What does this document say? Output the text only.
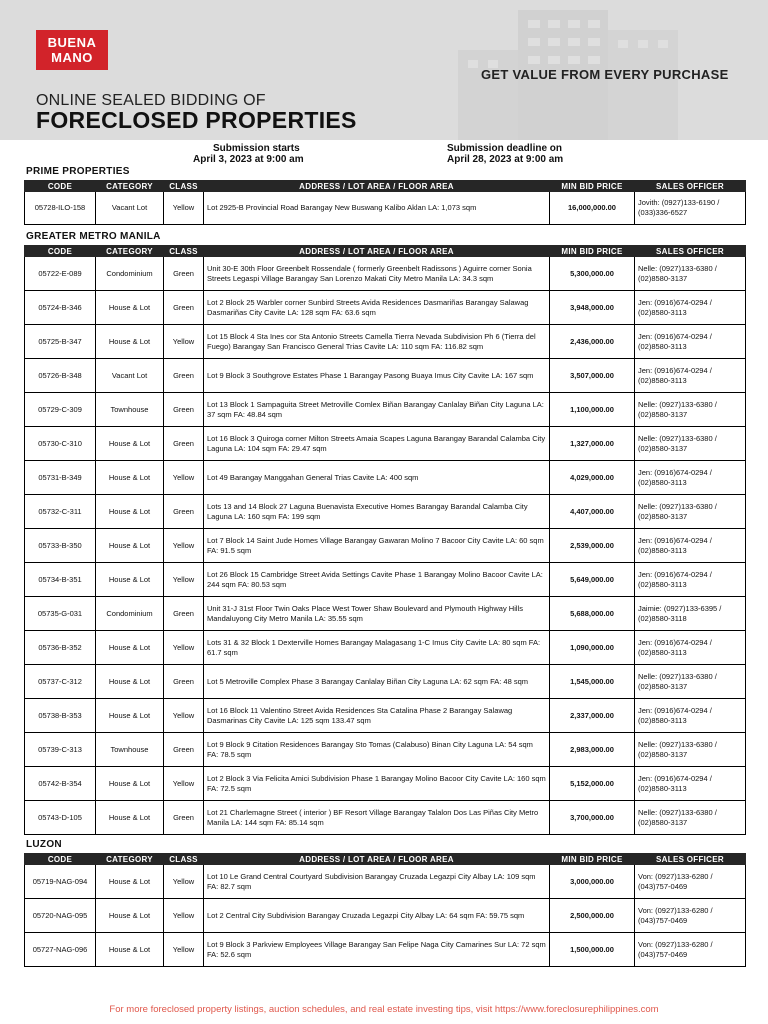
BUENA
MANO
GET VALUE FROM EVERY PURCHASE
ONLINE SEALED BIDDING OF
FORECLOSED PROPERTIES
Submission starts
April 3, 2023 at 9:00 am
Submission deadline on
April 28, 2023 at 9:00 am
PRIME PROPERTIES
CODE	CATEGORY	CLASS	ADDRESS / LOT AREA / FLOOR AREA	MIN BID PRICE	SALES OFFICER
05728-ILO-158	Vacant Lot	Yellow	Lot 2925-B Provincial Road Barangay New Buswang Kalibo Aklan LA: 1,073 sqm	16,000,000.00	Jovith: (0927)133-6190 / (033)336-6527
GREATER METRO MANILA
CODE	CATEGORY	CLASS	ADDRESS / LOT AREA / FLOOR AREA	MIN BID PRICE	SALES OFFICER
05722-E-089	Condominium	Green	Unit 30-E 30th Floor Greenbelt Rossendale ( formerly Greenbelt Radissons ) Aguirre corner Sonia Streets Legaspi Village Barangay San Lorenzo Makati City Metro Manila LA: 34.3 sqm	5,300,000.00	Nelle: (0927)133-6380 / (02)8580-3137
05724-B-346	House & Lot	Green	Lot 2 Block 25 Warbler corner Sunbird Streets Avida Residences Dasmariñas Barangay Salawag Dasmariñas City Cavite LA: 128 sqm FA: 63.6 sqm	3,948,000.00	Jen: (0916)674-0294 / (02)8580-3113
05725-B-347	House & Lot	Yellow	Lot 15 Block 4 Sta Ines cor Sta Antonio Streets Camella Tierra Nevada Subdivision Ph 6 (Tierra del Fuego) Barangay San Francisco General Trias Cavite LA: 110 sqm FA: 116.82 sqm	2,436,000.00	Jen: (0916)674-0294 / (02)8580-3113
05726-B-348	Vacant Lot	Green	Lot 9 Block 3 Southgrove Estates Phase 1 Barangay Pasong Buaya Imus City Cavite LA: 167 sqm	3,507,000.00	Jen: (0916)674-0294 / (02)8580-3113
05729-C-309	Townhouse	Green	Lot 13 Block 1 Sampaguita Street Metroville Comlex Biñan Barangay Canlalay Biñan City Laguna LA: 37 sqm FA: 48.84 sqm	1,100,000.00	Nelle: (0927)133-6380 / (02)8580-3137
05730-C-310	House & Lot	Green	Lot 16 Block 3 Quiroga corner Milton Streets Amaia Scapes Laguna Barangay Barandal Calamba City Laguna LA: 104 sqm FA: 29.47 sqm	1,327,000.00	Nelle: (0927)133-6380 / (02)8580-3137
05731-B-349	House & Lot	Yellow	Lot 49 Barangay Manggahan General Trias Cavite LA: 400 sqm	4,029,000.00	Jen: (0916)674-0294 / (02)8580-3113
05732-C-311	House & Lot	Green	Lots 13 and 14 Block 27 Laguna Buenavista Executive Homes Barangay Barandal Calamba City Laguna LA: 160 sqm FA: 199 sqm	4,407,000.00	Nelle: (0927)133-6380 / (02)8580-3137
05733-B-350	House & Lot	Yellow	Lot 7 Block 14 Saint Jude Homes Village Barangay Gawaran Molino 7 Bacoor City Cavite LA: 60 sqm FA: 91.5 sqm	2,539,000.00	Jen: (0916)674-0294 / (02)8580-3113
05734-B-351	House & Lot	Yellow	Lot 26 Block 15 Cambridge Street Avida Settings Cavite Phase 1 Barangay Molino Bacoor Cavite LA: 244 sqm FA: 80.53 sqm	5,649,000.00	Jen: (0916)674-0294 / (02)8580-3113
05735-G-031	Condominium	Green	Unit 31-J 31st Floor Twin Oaks Place West Tower Shaw Boulevard and Plymouth Highway Hills Mandaluyong City Metro Manila LA: 35.55 sqm	5,688,000.00	Jaimie: (0927)133-6395 / (02)8580-3118
05736-B-352	House & Lot	Yellow	Lots 31 & 32 Block 1 Dexterville Homes Barangay Malagasang 1-C Imus City Cavite LA: 80 sqm FA: 61.7 sqm	1,090,000.00	Jen: (0916)674-0294 / (02)8580-3113
05737-C-312	House & Lot	Green	Lot 5 Metroville Complex Phase 3 Barangay Canlalay Biñan City Laguna LA: 62 sqm FA: 48 sqm	1,545,000.00	Nelle: (0927)133-6380 / (02)8580-3137
05738-B-353	House & Lot	Yellow	Lot 16 Block 11 Valentino Street Avida Residences Sta Catalina Phase 2 Barangay Salawag Dasmarinas City Cavite LA: 125 sqm 133.47 sqm	2,337,000.00	Jen: (0916)674-0294 / (02)8580-3113
05739-C-313	Townhouse	Green	Lot 9 Block 9 Citation Residences Barangay Sto Tomas (Calabuso) Binan City Laguna LA: 54 sqm FA: 78.5 sqm	2,983,000.00	Nelle: (0927)133-6380 / (02)8580-3137
05742-B-354	House & Lot	Yellow	Lot 2 Block 3 Via Felicita Amici Subdivision Phase 1 Barangay Molino Bacoor City Cavite LA: 160 sqm FA: 72.5 sqm	5,152,000.00	Jen: (0916)674-0294 / (02)8580-3113
05743-D-105	House & Lot	Green	Lot 21 Charlemagne Street ( interior ) BF Resort Village Barangay Talalon Dos Las Piñas City Metro Manila LA: 144 sqm FA: 85.14 sqm	3,700,000.00	Nelle: (0927)133-6380 / (02)8580-3137
LUZON
CODE	CATEGORY	CLASS	ADDRESS / LOT AREA / FLOOR AREA	MIN BID PRICE	SALES OFFICER
05719-NAG-094	House & Lot	Yellow	Lot 10 Le Grand Central Courtyard Subdivision Barangay Cruzada Legazpi City Albay LA: 109 sqm FA: 82.7 sqm	3,000,000.00	Von: (0927)133-6280 / (043)757-0469
05720-NAG-095	House & Lot	Yellow	Lot 2 Central City Subdivision Barangay Cruzada Legazpi City Albay LA: 64 sqm FA: 59.75 sqm	2,500,000.00	Von: (0927)133-6280 / (043)757-0469
05727-NAG-096	House & Lot	Yellow	Lot 9 Block 3 Parkview Employees Village Barangay San Felipe Naga City Camarines Sur LA: 72 sqm FA: 52.6 sqm	1,500,000.00	Von: (0927)133-6280 / (043)757-0469
For more foreclosed property listings, auction schedules, and real estate investing tips, visit https://www.foreclosurephilippines.com
